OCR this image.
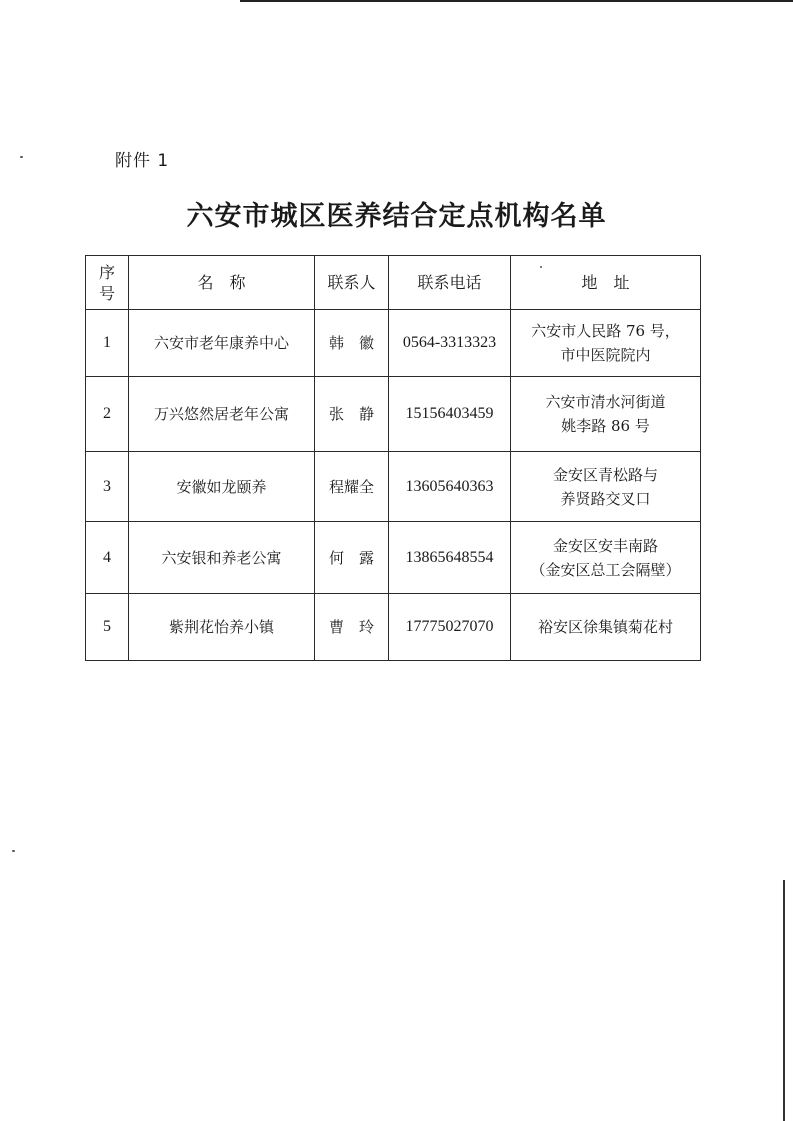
附件 1
六安市城区医养结合定点机构名单
序
号	名　称	联系人	联系电话	地　址
1	六安市老年康养中心	韩　徽	0564-3313323	六安市人民路 76 号，
市中医院院内

2	万兴悠然居老年公寓	张　静	15156403459	六安市清水河街道
姚李路 86 号

3	安徽如龙颐养	程耀全	13605640363	金安区青松路与
养贤路交叉口

4	六安银和养老公寓	何　露	13865648554	金安区安丰南路
（金安区总工会隔壁）

5	紫荆花怡养小镇	曹　玲	17775027070	裕安区徐集镇菊花村
